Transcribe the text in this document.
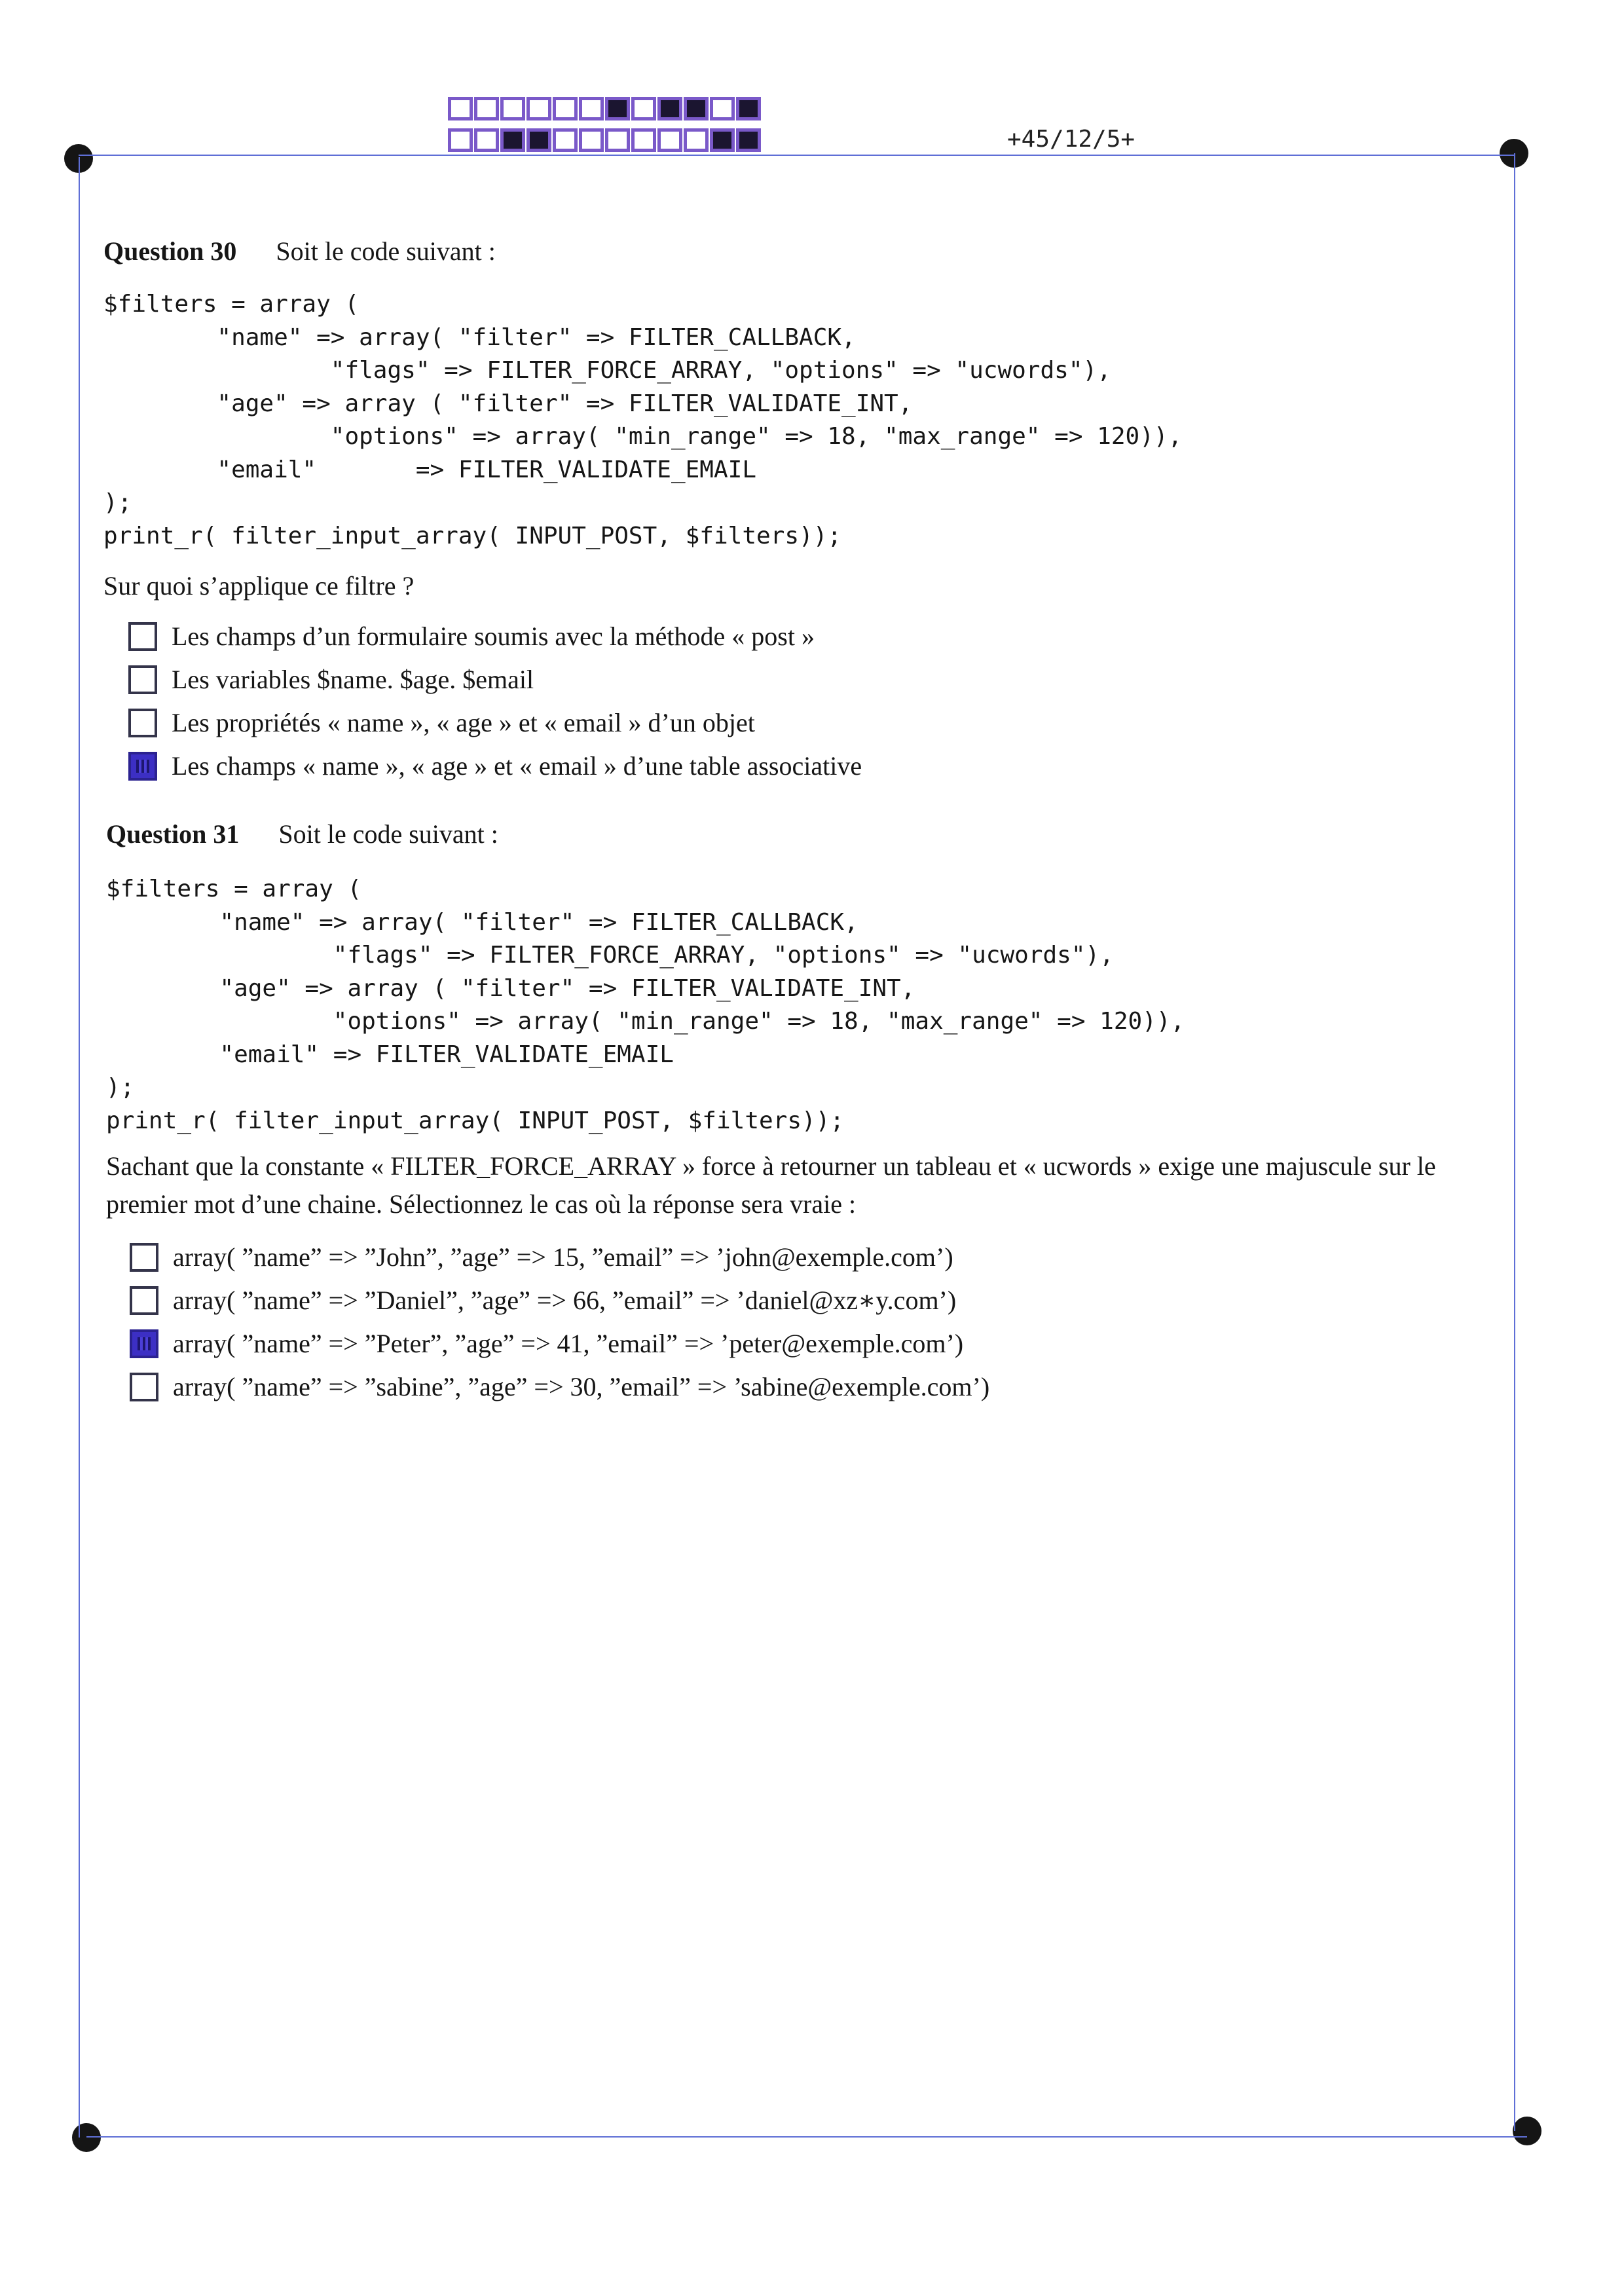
+45/12/5+
Question 30 Soit le code suivant :
$filters = array (
"name" => array( "filter" => FILTER_CALLBACK,
"flags" => FILTER_FORCE_ARRAY, "options" => "ucwords"),
"age" => array ( "filter" => FILTER_VALIDATE_INT,
"options" => array( "min_range" => 18, "max_range" => 120)),
"email"       => FILTER_VALIDATE_EMAIL
);
print_r( filter_input_array( INPUT_POST, $filters));
Sur quoi s’applique ce filtre ?
Les champs d’un formulaire soumis avec la méthode « post »
Les variables $name. $age. $email
Les propriétés « name », « age » et « email » d’un objet
Les champs « name », « age » et « email » d’une table associative
Question 31 Soit le code suivant :
$filters = array (
"name" => array( "filter" => FILTER_CALLBACK,
"flags" => FILTER_FORCE_ARRAY, "options" => "ucwords"),
"age" => array ( "filter" => FILTER_VALIDATE_INT,
"options" => array( "min_range" => 18, "max_range" => 120)),
"email" => FILTER_VALIDATE_EMAIL
);
print_r( filter_input_array( INPUT_POST, $filters));
Sachant que la constante « FILTER_FORCE_ARRAY » force à retourner un tableau et « ucwords » exige une majuscule sur le premier mot d’une chaine. Sélectionnez le cas où la réponse sera vraie :
array( ”name” => ”John”, ”age” => 15, ”email” => ’john@exemple.com’)
array( ”name” => ”Daniel”, ”age” => 66, ”email” => ’daniel@xz∗y.com’)
array( ”name” => ”Peter”, ”age” => 41, ”email” => ’peter@exemple.com’)
array( ”name” => ”sabine”, ”age” => 30, ”email” => ’sabine@exemple.com’)
